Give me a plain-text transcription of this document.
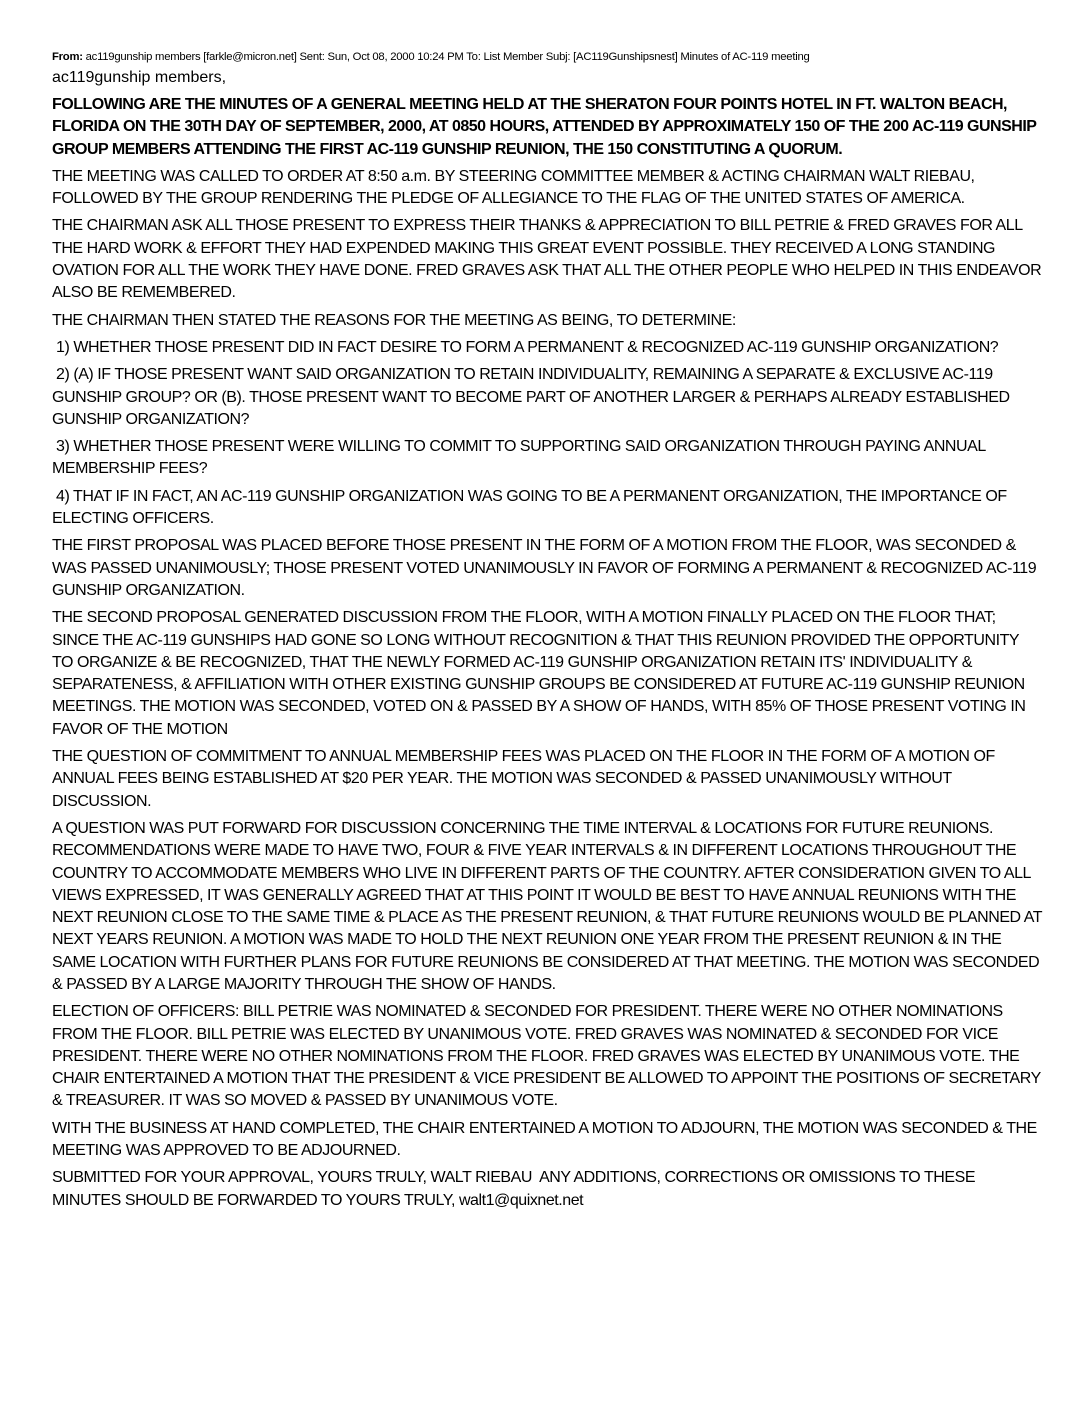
From: ac119gunship members [farkle@micron.net] Sent: Sun, Oct 08, 2000 10:24 PM To: List Member Subj: [AC119Gunshipsnest] Minutes of AC-119 meeting
ac119gunship members,

FOLLOWING ARE THE MINUTES OF A GENERAL MEETING HELD AT THE SHERATON FOUR POINTS HOTEL IN FT. WALTON BEACH, FLORIDA ON THE 30TH DAY OF SEPTEMBER, 2000, AT 0850 HOURS, ATTENDED BY APPROXIMATELY 150 OF THE 200 AC-119 GUNSHIP GROUP MEMBERS ATTENDING THE FIRST AC-119 GUNSHIP REUNION, THE 150 CONSTITUTING A QUORUM.

THE MEETING WAS CALLED TO ORDER AT 8:50 a.m. BY STEERING COMMITTEE MEMBER & ACTING CHAIRMAN WALT RIEBAU, FOLLOWED BY THE GROUP RENDERING THE PLEDGE OF ALLEGIANCE TO THE FLAG OF THE UNITED STATES OF AMERICA.

THE CHAIRMAN ASK ALL THOSE PRESENT TO EXPRESS THEIR THANKS & APPRECIATION TO BILL PETRIE & FRED GRAVES FOR ALL THE HARD WORK & EFFORT THEY HAD EXPENDED MAKING THIS GREAT EVENT POSSIBLE. THEY RECEIVED A LONG STANDING OVATION FOR ALL THE WORK THEY HAVE DONE. FRED GRAVES ASK THAT ALL THE OTHER PEOPLE WHO HELPED IN THIS ENDEAVOR ALSO BE REMEMBERED.

THE CHAIRMAN THEN STATED THE REASONS FOR THE MEETING AS BEING, TO DETERMINE:

1) WHETHER THOSE PRESENT DID IN FACT DESIRE TO FORM A PERMANENT & RECOGNIZED AC-119 GUNSHIP ORGANIZATION?

2) (A) IF THOSE PRESENT WANT SAID ORGANIZATION TO RETAIN INDIVIDUALITY, REMAINING A SEPARATE & EXCLUSIVE AC-119 GUNSHIP GROUP? OR (B). THOSE PRESENT WANT TO BECOME PART OF ANOTHER LARGER & PERHAPS ALREADY ESTABLISHED GUNSHIP ORGANIZATION?

3) WHETHER THOSE PRESENT WERE WILLING TO COMMIT TO SUPPORTING SAID ORGANIZATION THROUGH PAYING ANNUAL MEMBERSHIP FEES?

4) THAT IF IN FACT, AN AC-119 GUNSHIP ORGANIZATION WAS GOING TO BE A PERMANENT ORGANIZATION, THE IMPORTANCE OF ELECTING OFFICERS.

THE FIRST PROPOSAL WAS PLACED BEFORE THOSE PRESENT IN THE FORM OF A MOTION FROM THE FLOOR, WAS SECONDED & WAS PASSED UNANIMOUSLY; THOSE PRESENT VOTED UNANIMOUSLY IN FAVOR OF FORMING A PERMANENT & RECOGNIZED AC-119 GUNSHIP ORGANIZATION.

THE SECOND PROPOSAL GENERATED DISCUSSION FROM THE FLOOR, WITH A MOTION FINALLY PLACED ON THE FLOOR THAT; SINCE THE AC-119 GUNSHIPS HAD GONE SO LONG WITHOUT RECOGNITION & THAT THIS REUNION PROVIDED THE OPPORTUNITY TO ORGANIZE & BE RECOGNIZED, THAT THE NEWLY FORMED AC-119 GUNSHIP ORGANIZATION RETAIN ITS' INDIVIDUALITY & SEPARATENESS, & AFFILIATION WITH OTHER EXISTING GUNSHIP GROUPS BE CONSIDERED AT FUTURE AC-119 GUNSHIP REUNION MEETINGS. THE MOTION WAS SECONDED, VOTED ON & PASSED BY A SHOW OF HANDS, WITH 85% OF THOSE PRESENT VOTING IN FAVOR OF THE MOTION

THE QUESTION OF COMMITMENT TO ANNUAL MEMBERSHIP FEES WAS PLACED ON THE FLOOR IN THE FORM OF A MOTION OF ANNUAL FEES BEING ESTABLISHED AT $20 PER YEAR. THE MOTION WAS SECONDED & PASSED UNANIMOUSLY WITHOUT DISCUSSION.

A QUESTION WAS PUT FORWARD FOR DISCUSSION CONCERNING THE TIME INTERVAL & LOCATIONS FOR FUTURE REUNIONS. RECOMMENDATIONS WERE MADE TO HAVE TWO, FOUR & FIVE YEAR INTERVALS & IN DIFFERENT LOCATIONS THROUGHOUT THE COUNTRY TO ACCOMMODATE MEMBERS WHO LIVE IN DIFFERENT PARTS OF THE COUNTRY. AFTER CONSIDERATION GIVEN TO ALL VIEWS EXPRESSED, IT WAS GENERALLY AGREED THAT AT THIS POINT IT WOULD BE BEST TO HAVE ANNUAL REUNIONS WITH THE NEXT REUNION CLOSE TO THE SAME TIME & PLACE AS THE PRESENT REUNION, & THAT FUTURE REUNIONS WOULD BE PLANNED AT NEXT YEARS REUNION. A MOTION WAS MADE TO HOLD THE NEXT REUNION ONE YEAR FROM THE PRESENT REUNION & IN THE SAME LOCATION WITH FURTHER PLANS FOR FUTURE REUNIONS BE CONSIDERED AT THAT MEETING. THE MOTION WAS SECONDED & PASSED BY A LARGE MAJORITY THROUGH THE SHOW OF HANDS.

ELECTION OF OFFICERS: BILL PETRIE WAS NOMINATED & SECONDED FOR PRESIDENT. THERE WERE NO OTHER NOMINATIONS FROM THE FLOOR. BILL PETRIE WAS ELECTED BY UNANIMOUS VOTE. FRED GRAVES WAS NOMINATED & SECONDED FOR VICE PRESIDENT. THERE WERE NO OTHER NOMINATIONS FROM THE FLOOR. FRED GRAVES WAS ELECTED BY UNANIMOUS VOTE. THE CHAIR ENTERTAINED A MOTION THAT THE PRESIDENT & VICE PRESIDENT BE ALLOWED TO APPOINT THE POSITIONS OF SECRETARY & TREASURER. IT WAS SO MOVED & PASSED BY UNANIMOUS VOTE.

WITH THE BUSINESS AT HAND COMPLETED, THE CHAIR ENTERTAINED A MOTION TO ADJOURN, THE MOTION WAS SECONDED & THE MEETING WAS APPROVED TO BE ADJOURNED.

SUBMITTED FOR YOUR APPROVAL, YOURS TRULY, WALT RIEBAU  ANY ADDITIONS, CORRECTIONS OR OMISSIONS TO THESE MINUTES SHOULD BE FORWARDED TO YOURS TRULY, walt1@quixnet.net
